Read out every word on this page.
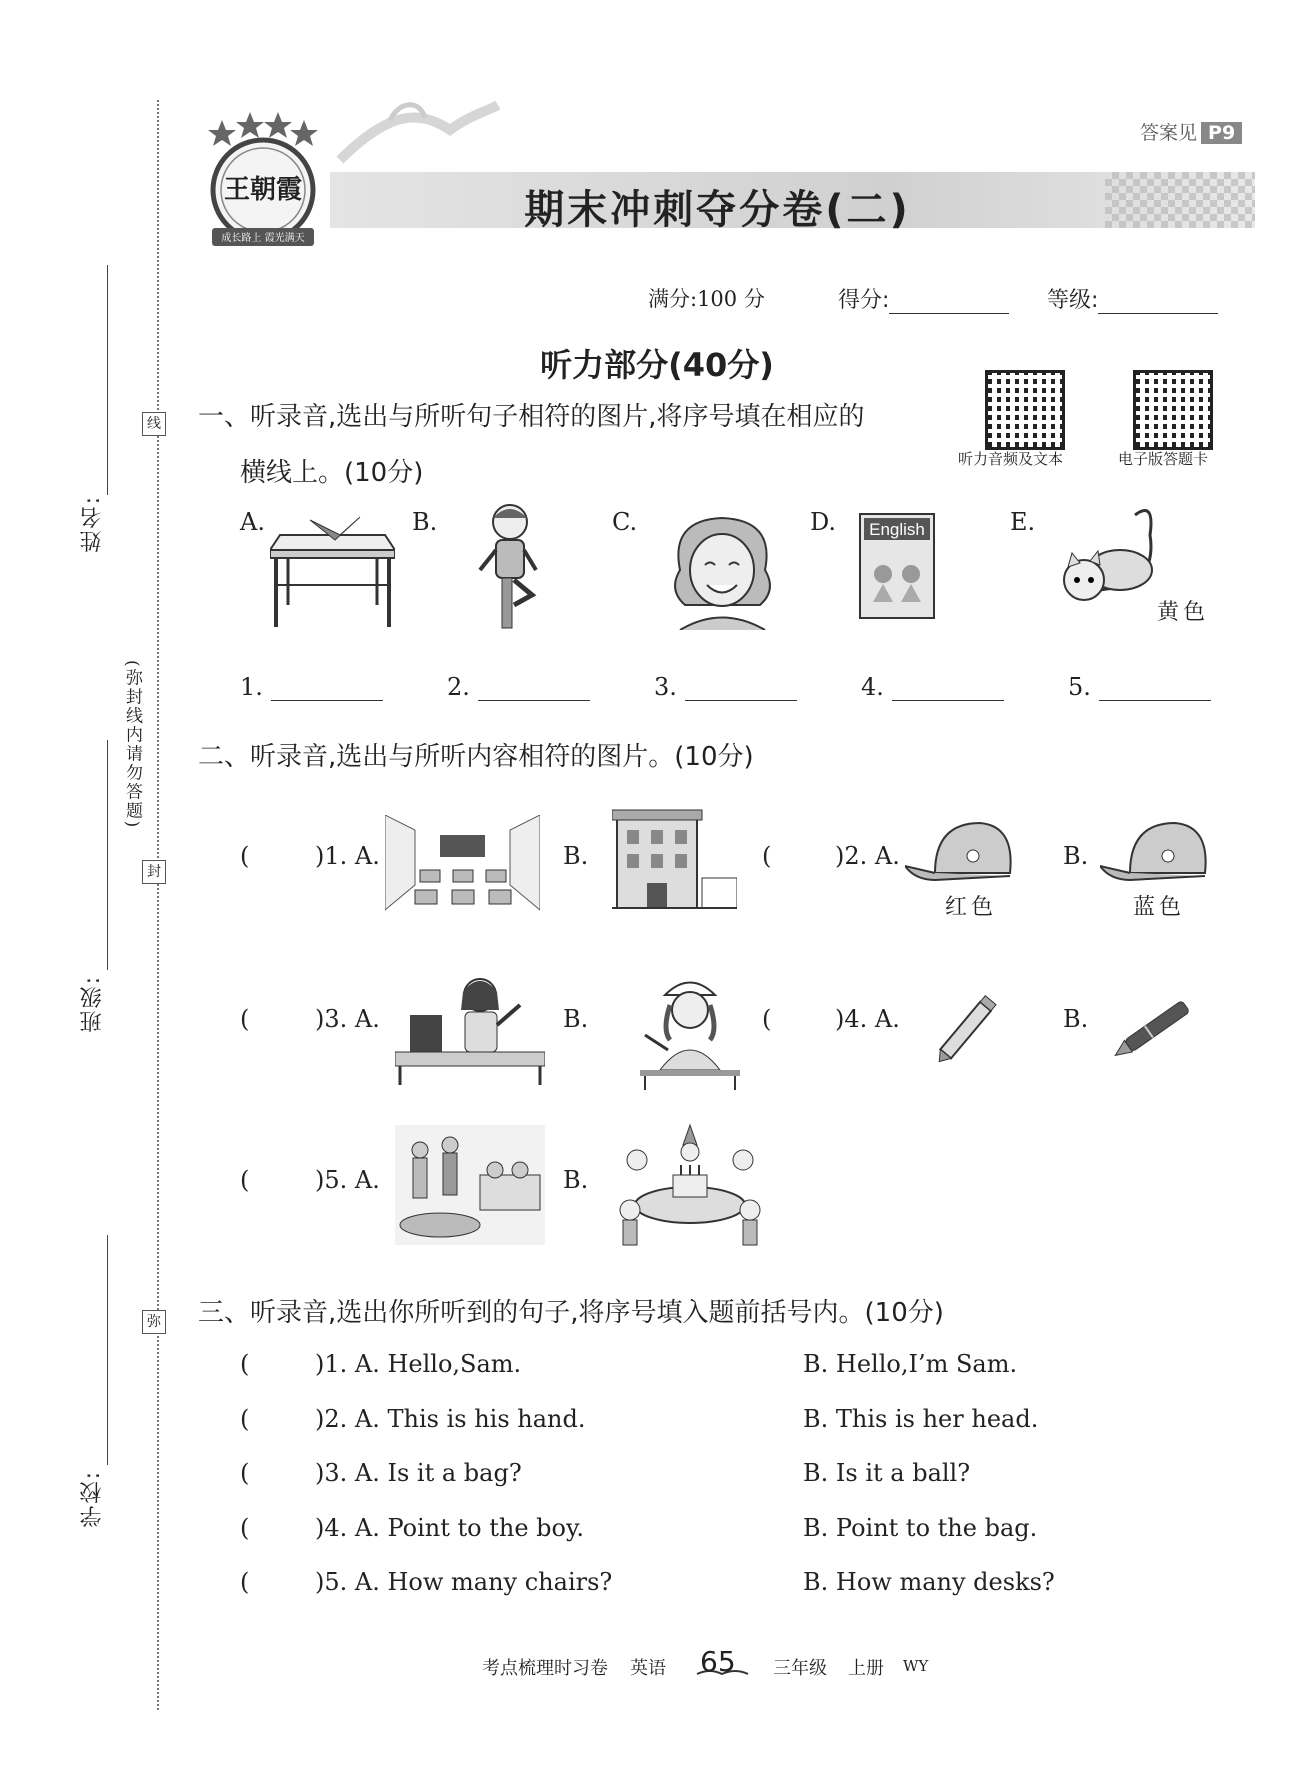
线
封
弥
(弥封线内请勿答题)
姓名:
班级:
学校:
期末冲刺夺分卷(二)
王朝霞
成长路上 霞光满天
答案见 P9
满分:100 分	得分:	等级:
听力部分(40分)
听力音频及文本	电子版答题卡
一、听录音,选出与所听句子相符的图片,将序号填在相应的
横线上。(10分)
A.	B.	C.	D. English	E.
黄色
1.	2.	3.	4.	5.
二、听录音,选出与所听内容相符的图片。(10分)
(	)1. A.	B.	(	)2. A.
红色
B.
蓝色
(	)3. A.	B.	(	)4. A.	B.
(	)5. A.	B.
三、听录音,选出你所听到的句子,将序号填入题前括号内。(10分)
(	)1. A. Hello,Sam.	B. Hello,I’m Sam.
(	)2. A. This is his hand.	B. This is her head.
(	)3. A. Is it a bag?	B. Is it a ball?
(	)4. A. Point to the boy.	B. Point to the bag.
(	)5. A. How many chairs?	B. How many desks?
考点梳理时习卷 英语 65 三年级 上册 WY
